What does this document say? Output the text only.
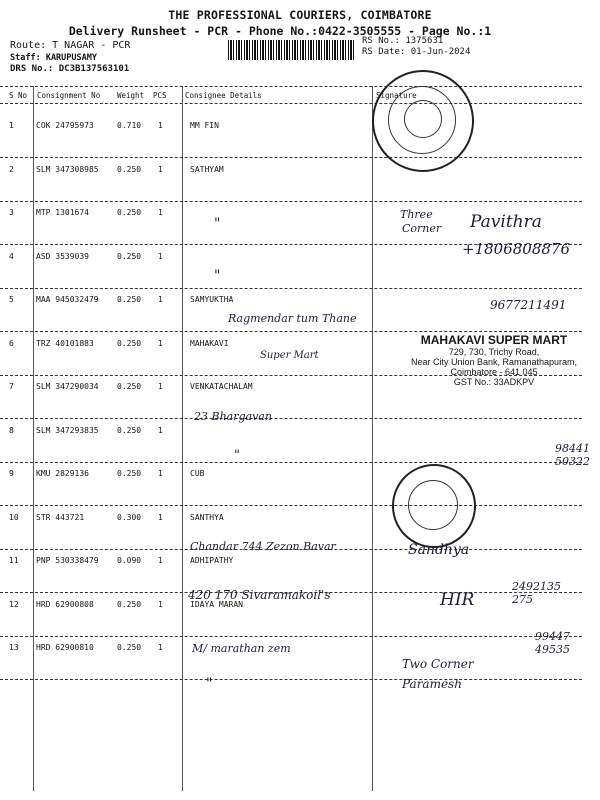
THE PROFESSIONAL COURIERS, COIMBATORE
Delivery Runsheet - PCR - Phone No.:0422-3505555 - Page No.:1
Route: T NAGAR - PCR
Staff: KARUPUSAMY
DRS No.: DC3B137563101
RS No.: 1375631
RS Date: 01-Jun-2024
S No Consignment No Weight PCS Consignee Details	Signature
1	COK 24795973	0.710 1	MM FIN
2	SLM 347308985 0.250 1	SATHYAM
3	MTP 1301674	0.250 1
4	ASD 3539039	0.250 1
5	MAA 945032479 0.250 1	SAMYUKTHA
6	TRZ 40101883	0.250 1	MAHAKAVI
7	SLM 347290034 0.250 1	VENKATACHALAM
8	SLM 347293835 0.250 1
9	KMU 2829136	0.250 1	CUB
10 STR 443721	0.300 1	SANTHYA
11 PNP 530338479 0.090 1	ADHIPATHY
12 HRD 62900808	0.250 1	IDAYA MARAN
13 HRD 62900810	0.250 1
MAHAKAVI SUPER MART
729, 730, Trichy Road,
Near City Union Bank, Ramanathapuram,
Coimbatore - 641 045
GST No.: 33ADKPV
"
Three
Corner Pavithra
+1806808876
"
Ragmendar tum Thane
9677211491
Super Mart
23 Bhargavan
"	98441 50322
Chandar 744 Zezon Bavar	Sandhya
420 170 Sivaramakoil's	HIR
2492135 275
M/ marathan zem
99447 49535
"
Two Corner Paramesh
